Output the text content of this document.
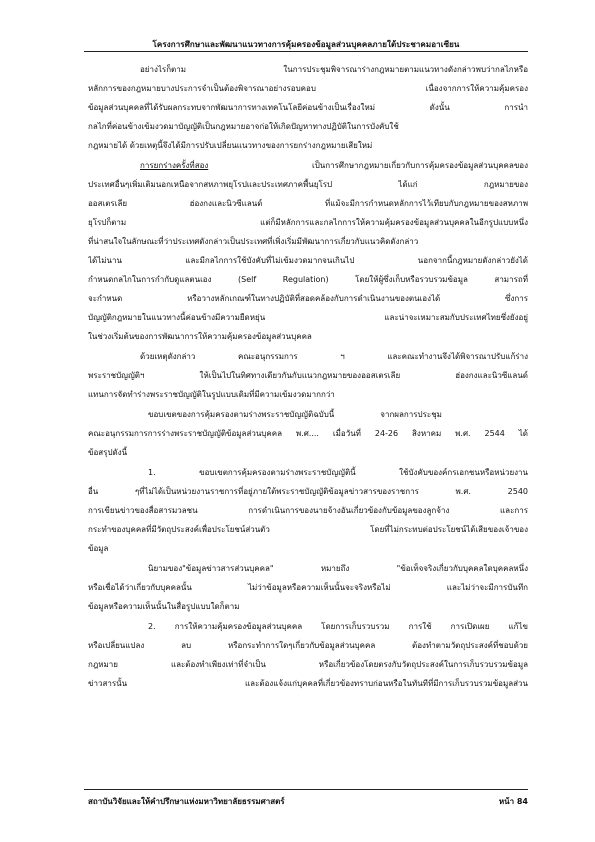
โครงการศึกษาและพัฒนาแนวทางการคุ้มครองข้อมูลส่วนบุคคลภายใต้ประชาคมอาเซียน
อย่างไรก็ตาม ในการประชุมพิจารณาร่างกฎหมายตามแนวทางดังกล่าวพบว่ากลไกหรือ
หลักการของกฎหมายบางประการจำเป็นต้องพิจารณาอย่างรอบคอบ เนื่องจากการให้ความคุ้มครอง
ข้อมูลส่วนบุคคลที่ได้รับผลกระทบจากพัฒนาการทางเทคโนโลยีค่อนข้างเป็นเรื่องใหม่ ดังนั้น การนำ
กลไกที่ค่อนข้างเข้มงวดมาบัญญัติเป็นกฎหมายอาจก่อให้เกิดปัญหาทางปฏิบัติในการบังคับใช้
กฎหมายได้ ด้วยเหตุนี้จึงได้มีการปรับเปลี่ยนแนวทางของการยกร่างกฎหมายเสียใหม่
การยกร่างครั้งที่สอง เป็นการศึกษากฎหมายเกี่ยวกับการคุ้มครองข้อมูลส่วนบุคคลของ
ประเทศอื่นๆเพิ่มเติมนอกเหนือจากสหภาพยุโรปและประเทศภาคพื้นยุโรป ได้แก่ กฎหมายของ
ออสเตรเลีย ฮ่องกงและนิวซีแลนด์ ที่แม้จะมีการกำหนดหลักการไว้เทียบกับกฎหมายของสหภาพ
ยุโรปก็ตาม แต่ก็มีหลักการและกลไกการให้ความคุ้มครองข้อมูลส่วนบุคคลในอีกรูปแบบหนึ่ง
ที่น่าสนใจในลักษณะที่ว่าประเทศดังกล่าวเป็นประเทศที่เพิ่งเริ่มมีพัฒนาการเกี่ยวกับแนวคิดดังกล่าว
ได้ไม่นาน และมีกลไกการใช้บังคับที่ไม่เข้มงวดมากจนเกินไป นอกจากนี้กฎหมายดังกล่าวยังได้
กำหนดกลไกในการกำกับดูแลตนเอง (Self Regulation) โดยให้ผู้ซึ่งเก็บหรือรวบรวมข้อมูล สามารถที่
จะกำหนด หรือวางหลักเกณฑ์ในทางปฏิบัติที่สอดคล้องกับการดำเนินงานของตนเองได้ ซึ่งการ
บัญญัติกฎหมายในแนวทางนี้ค่อนข้างมีความยืดหยุ่น และน่าจะเหมาะสมกับประเทศไทยซึ่งยังอยู่
ในช่วงเริ่มต้นของการพัฒนาการให้ความคุ้มครองข้อมูลส่วนบุคคล
ด้วยเหตุดังกล่าว คณะอนุกรรมการ ฯ และคณะทำงานจึงได้พิจารณาปรับแก้ร่าง
พระราชบัญญัติฯ ให้เป็นไปในทิศทางเดียวกันกับแนวกฎหมายของออสเตรเลีย ฮ่องกงและนิวซีแลนด์
แทนการจัดทำร่างพระราชบัญญัติในรูปแบบเดิมที่มีความเข้มงวดมากกว่า
ขอบเขตของการคุ้มครองตามร่างพระราชบัญญัติฉบับนี้	จากผลการประชุม
คณะอนุกรรมการการร่างพระราชบัญญัติข้อมูลส่วนบุคคล พ.ศ.... เมื่อวันที่ 24-26 สิงหาคม พ.ศ. 2544 ได้
ข้อสรุปดังนี้
1. ขอบเขตการคุ้มครองตามร่างพระราชบัญญัตินี้ ใช้บังคับของค์กรเอกชนหรือหน่วยงาน
อื่น ๆที่ไม่ได้เป็นหน่วยงานราชการที่อยู่ภายใต้พระราชบัญญัติข้อมูลข่าวสารของราชการ พ.ศ. 2540
การเขียนข่าวของสื่อสารมวลชน การดำเนินการของนายจ้างอันเกี่ยวข้องกับข้อมูลของลูกจ้าง และการ
กระทำของบุคคลที่มีวัตถุประสงค์เพื่อประโยชน์ส่วนตัว โดยที่ไม่กระทบต่อประโยชน์ได้เสียของเจ้าของ
ข้อมูล
นิยามของ"ข้อมูลข่าวสารส่วนบุคคล" หมายถึง "ข้อเท็จจริงเกี่ยวกับบุคคลใดบุคคลหนึ่ง
หรือเชื่อได้ว่าเกี่ยวกับบุคคลนั้น ไม่ว่าข้อมูลหรือความเห็นนั้นจะจริงหรือไม่ และไม่ว่าจะมีการบันทึก
ข้อมูลหรือความเห็นนั้นในสื่อรูปแบบใดก็ตาม
2. การให้ความคุ้มครองข้อมูลส่วนบุคคล โดยการเก็บรวบรวม การใช้ การเปิดเผย แก้ไข
หรือเปลี่ยนแปลง ลบ หรือกระทำการใดๆเกี่ยวกับข้อมูลส่วนบุคคล ต้องทำตามวัตถุประสงค์ที่ชอบด้วย
กฎหมาย และต้องทำเพียงเท่าที่จำเป็น หรือเกี่ยวข้องโดยตรงกับวัตถุประสงค์ในการเก็บรวบรวมข้อมูล
ข่าวสารนั้น และต้องแจ้งแก่บุคคลที่เกี่ยวข้องทราบก่อนหรือในทันทีที่มีการเก็บรวบรวมข้อมูลส่วน
สถาบันวิจัยและให้คำปรึกษาแห่งมหาวิทยาลัยธรรมศาสตร์	หน้า 84
